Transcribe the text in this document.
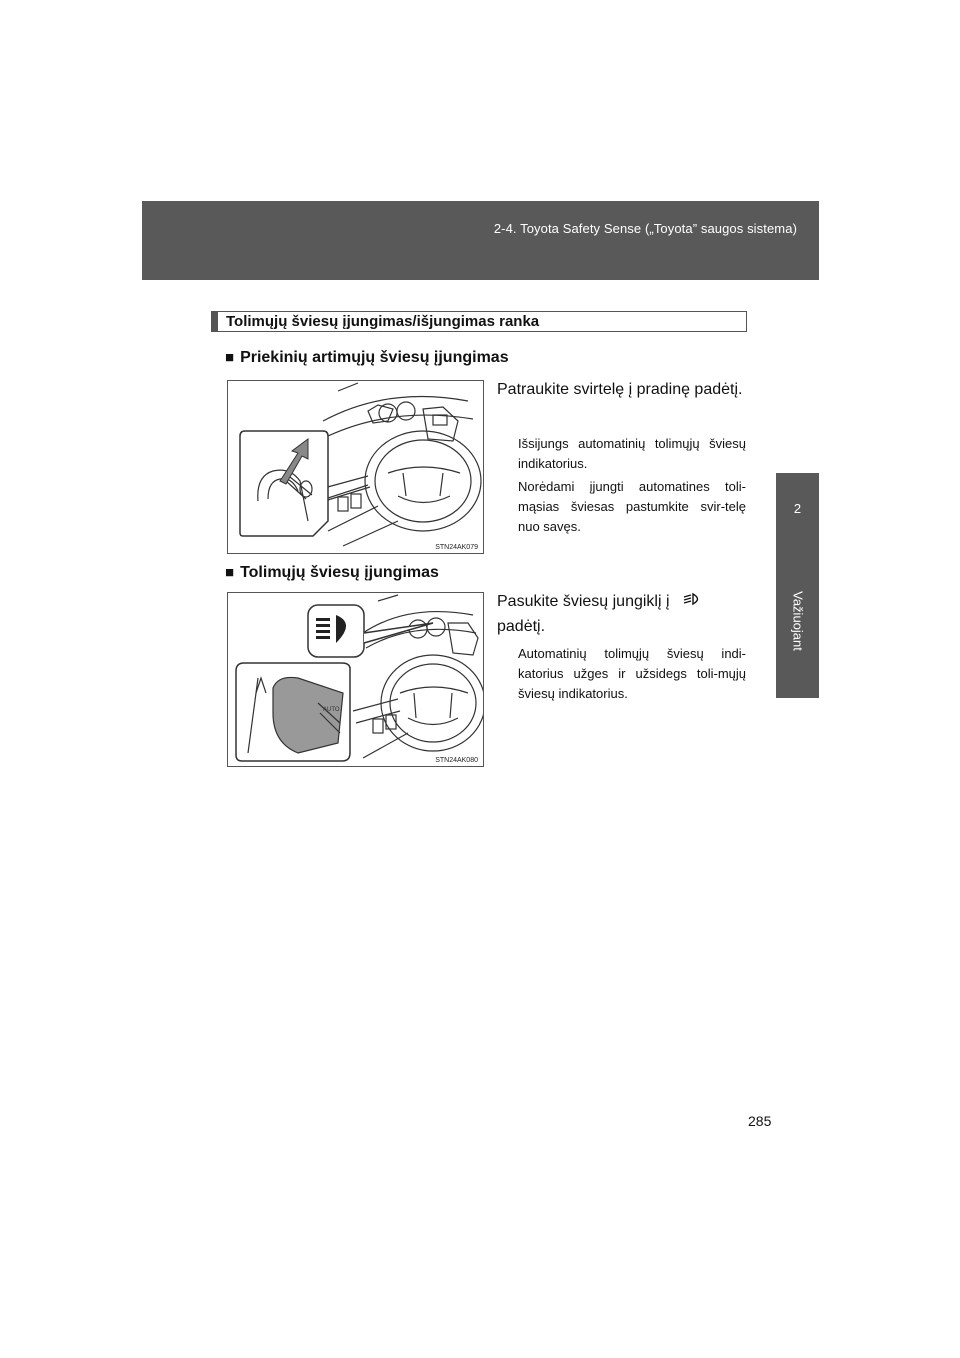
2-4. Toyota Safety Sense („Toyota” saugos sistema)
2
Važiuojant
Tolimųjų šviesų įjungimas/išjungimas ranka
■ Priekinių artimųjų šviesų įjungimas
STN24AK079
Patraukite svirtelę į pradinę padėtį.
Išsijungs automatinių tolimųjų šviesų indikatorius.
Norėdami įjungti automatines toli-mąsias šviesas pastumkite svir-telę nuo savęs.
■ Tolimųjų šviesų įjungimas
AUTO
STN24AK080
Pasukite šviesų jungiklį į
padėtį.
Automatinių tolimųjų šviesų indi-katorius užges ir užsidegs toli-mųjų šviesų indikatorius.
285
